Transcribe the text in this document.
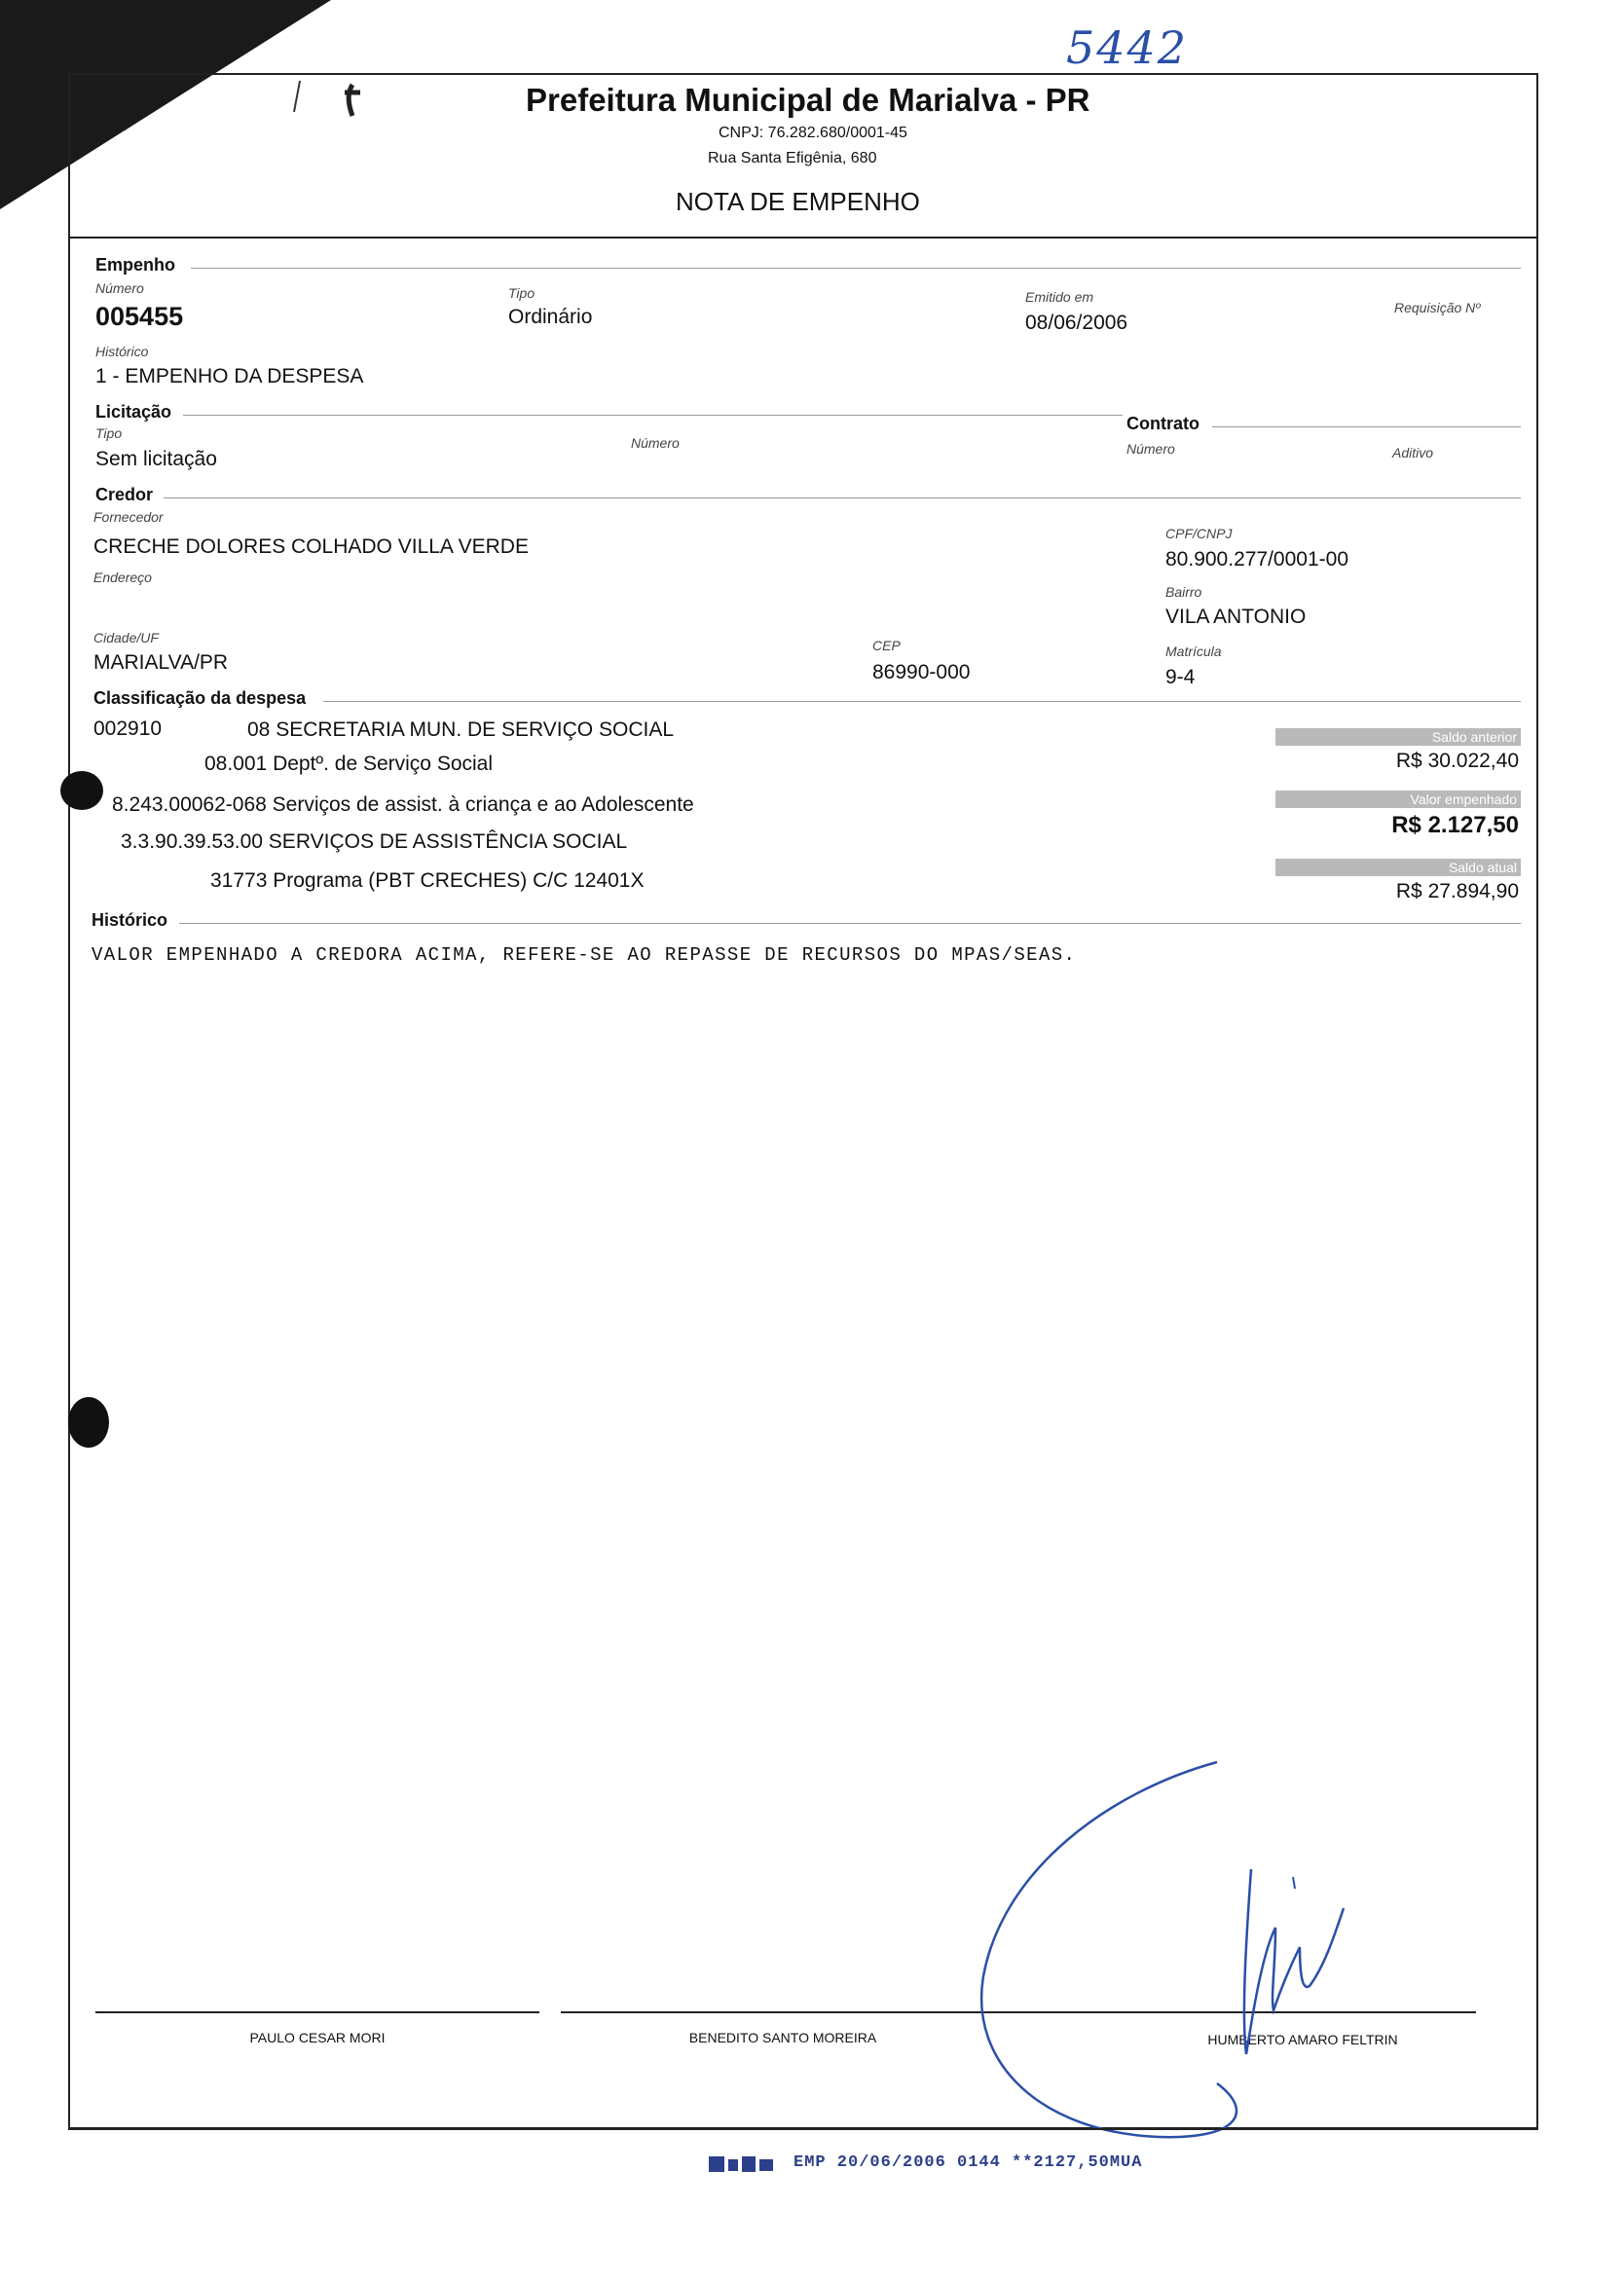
5442
Prefeitura Municipal de Marialva - PR
CNPJ: 76.282.680/0001-45
Rua Santa Efigênia, 680
NOTA DE EMPENHO
Empenho
Número
005455
Tipo
Ordinário
Emitido em
08/06/2006
Requisição Nº
Histórico
1 - EMPENHO DA DESPESA
Licitação
Tipo
Sem licitação
Número
Contrato
Número	Aditivo
Credor
Fornecedor
CRECHE DOLORES COLHADO VILLA VERDE
CPF/CNPJ
80.900.277/0001-00
Endereço
Bairro
VILA ANTONIO
Cidade/UF
MARIALVA/PR
CEP
86990-000
Matrícula
9-4
Classificação da despesa
002910	08 SECRETARIA MUN. DE SERVIÇO SOCIAL
08.001 Deptº. de Serviço Social
8.243.00062-068 Serviços de assist. à criança e ao Adolescente
3.3.90.39.53.00 SERVIÇOS DE ASSISTÊNCIA SOCIAL
31773 Programa (PBT CRECHES) C/C 12401X
Saldo anterior
R$ 30.022,40
Valor empenhado
R$ 2.127,50
Saldo atual
R$ 27.894,90
Histórico
VALOR EMPENHADO A CREDORA ACIMA, REFERE-SE AO REPASSE DE RECURSOS DO MPAS/SEAS.
PAULO CESAR MORI	BENEDITO SANTO MOREIRA	HUMBERTO AMARO FELTRIN
EMP 20/06/2006 0144 **2127,50MUA
